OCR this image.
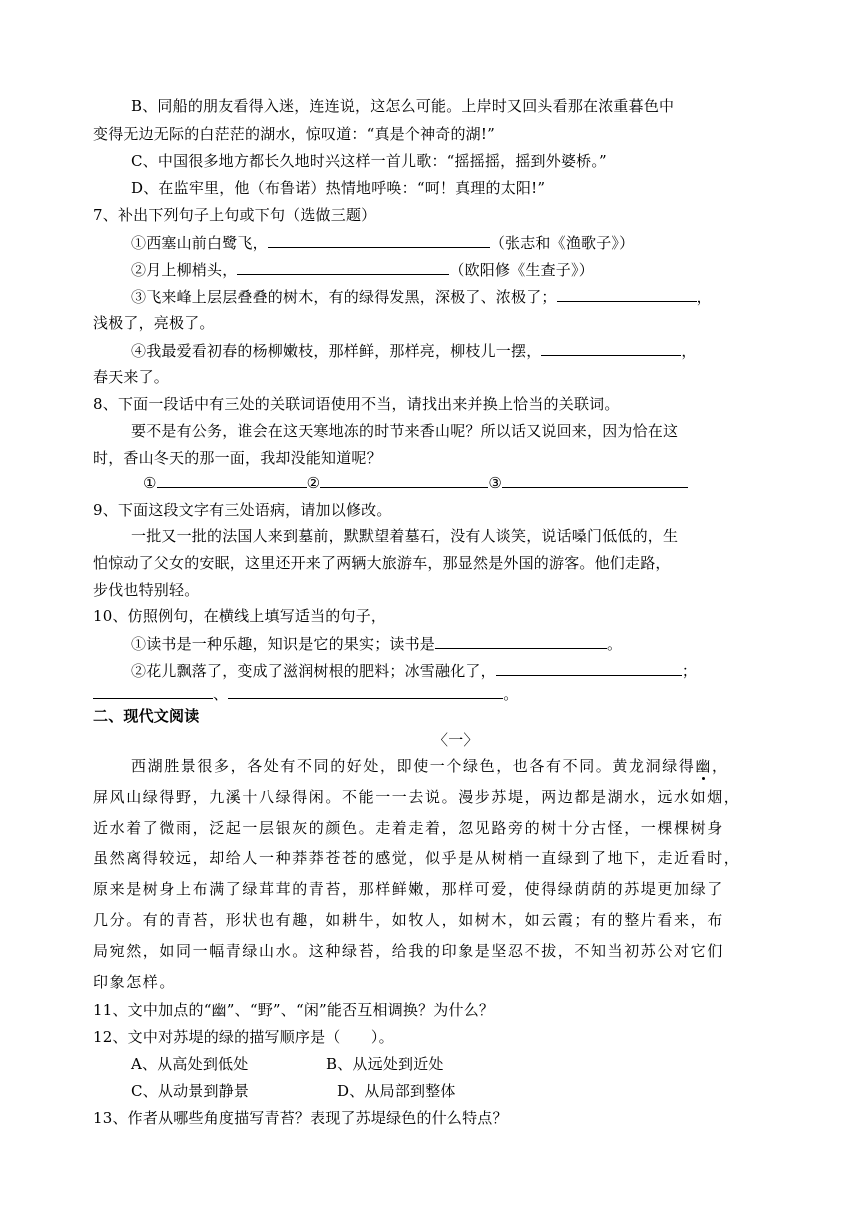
B、同船的朋友看得入迷，连连说，这怎么可能。上岸时又回头看那在浓重暮色中
变得无边无际的白茫茫的湖水，惊叹道：“真是个神奇的湖!”
C、中国很多地方都长久地时兴这样一首儿歌：“摇摇摇，摇到外婆桥。”
D、在监牢里，他（布鲁诺）热情地呼唤：“呵！真理的太阳!”
7、补出下列句子上句或下句（选做三题）
①西塞山前白鹭飞，	（张志和《渔歌子》）
②月上柳梢头，	（欧阳修《生查子》）
③飞来峰上层层叠叠的树木，有的绿得发黑，深极了、浓极了；	，
浅极了，亮极了。
④我最爱看初春的杨柳嫩枝，那样鲜，那样亮，柳枝儿一摆，	，
春天来了。
8、下面一段话中有三处的关联词语使用不当，请找出来并换上恰当的关联词。
要不是有公务，谁会在这天寒地冻的时节来香山呢？所以话又说回来，因为恰在这
时，香山冬天的那一面，我却没能知道呢？
①	②	③
9、下面这段文字有三处语病，请加以修改。
一批又一批的法国人来到墓前，默默望着墓石，没有人谈笑，说话嗓门低低的，生
怕惊动了父女的安眠，这里还开来了两辆大旅游车，那显然是外国的游客。他们走路，
步伐也特别轻。
10、仿照例句，在横线上填写适当的句子，
①读书是一种乐趣，知识是它的果实；读书是	。
②花儿飘落了，变成了滋润树根的肥料；冰雪融化了，	；
、	。
二、现代文阅读
〈一〉
西湖胜景很多，各处有不同的好处，即使一个绿色，也各有不同。黄龙洞绿得幽，
屏风山绿得野，九溪十八绿得闲。不能一一去说。漫步苏堤，两边都是湖水，远水如烟，
近水着了微雨，泛起一层银灰的颜色。走着走着，忽见路旁的树十分古怪，一棵棵树身
虽然离得较远，却给人一种莽莽苍苍的感觉，似乎是从树梢一直绿到了地下，走近看时，
原来是树身上布满了绿茸茸的青苔，那样鲜嫩，那样可爱，使得绿荫荫的苏堤更加绿了
几分。有的青苔，形状也有趣，如耕牛，如牧人，如树木，如云霞；有的整片看来，布
局宛然，如同一幅青绿山水。这种绿苔，给我的印象是坚忍不拔，不知当初苏公对它们
印象怎样。
11、文中加点的“幽”、“野”、“闲”能否互相调换？为什么？
12、文中对苏堤的绿的描写顺序是（　　）。
A、从高处到低处	B、从远处到近处
C、从动景到静景	D、从局部到整体
13、作者从哪些角度描写青苔？表现了苏堤绿色的什么特点？
